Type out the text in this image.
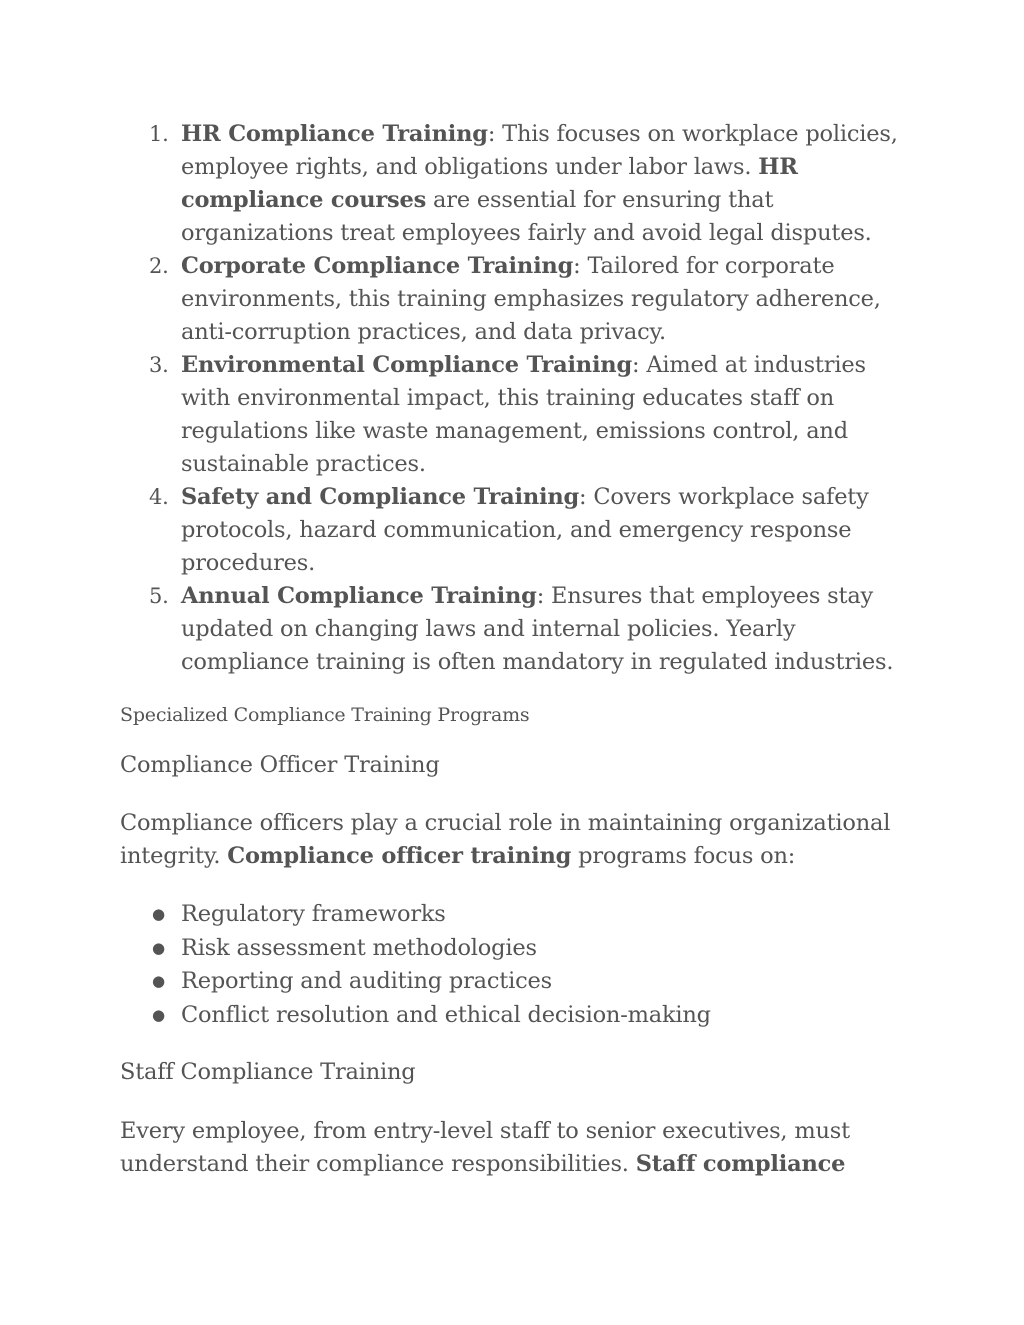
1. HR Compliance Training: This focuses on workplace policies, employee rights, and obligations under labor laws. HR compliance courses are essential for ensuring that organizations treat employees fairly and avoid legal disputes.
2. Corporate Compliance Training: Tailored for corporate environments, this training emphasizes regulatory adherence, anti-corruption practices, and data privacy.
3. Environmental Compliance Training: Aimed at industries with environmental impact, this training educates staff on regulations like waste management, emissions control, and sustainable practices.
4. Safety and Compliance Training: Covers workplace safety protocols, hazard communication, and emergency response procedures.
5. Annual Compliance Training: Ensures that employees stay updated on changing laws and internal policies. Yearly compliance training is often mandatory in regulated industries.
Specialized Compliance Training Programs
Compliance Officer Training

Compliance officers play a crucial role in maintaining organizational integrity. Compliance officer training programs focus on:

● Regulatory frameworks
● Risk assessment methodologies
● Reporting and auditing practices
● Conflict resolution and ethical decision-making
Staff Compliance Training

Every employee, from entry-level staff to senior executives, must understand their compliance responsibilities. Staff compliance
